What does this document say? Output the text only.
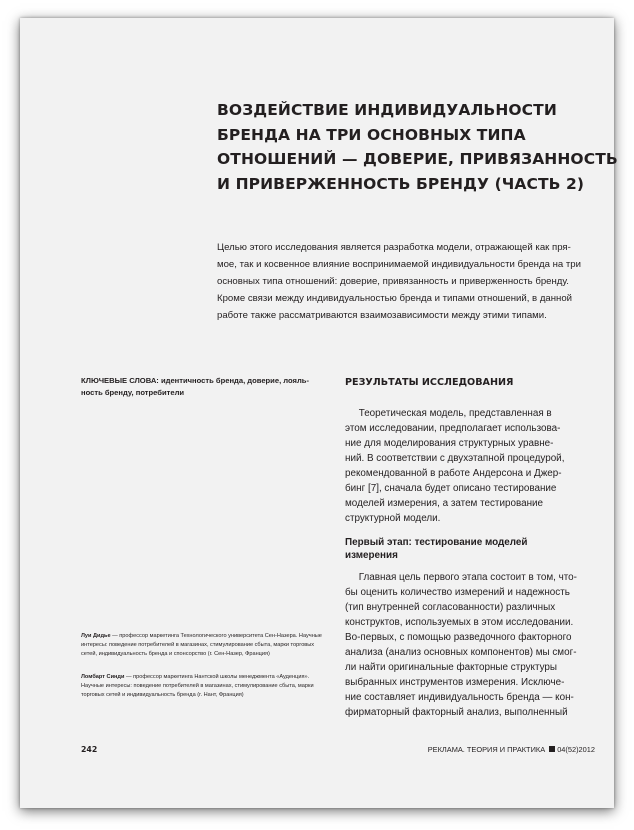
ВОЗДЕЙСТВИЕ ИНДИВИДУАЛЬНОСТИ
БРЕНДА НА ТРИ ОСНОВНЫХ ТИПА
ОТНОШЕНИЙ — ДОВЕРИЕ, ПРИВЯЗАННОСТЬ
И ПРИВЕРЖЕННОСТЬ БРЕНДУ (ЧАСТЬ 2)
Целью этого исследования является разработка модели, отражающей как пря-
мое, так и косвенное влияние воспринимаемой индивидуальности бренда на три
основных типа отношений: доверие, привязанность и приверженность бренду.
Кроме связи между индивидуальностью бренда и типами отношений, в данной
работе также рассматриваются взаимозависимости между этими типами.
КЛЮЧЕВЫЕ СЛОВА: идентичность бренда, доверие, лояль-
ность бренду, потребители
Луи Дидье — профессор маркетинга Технологического университета Сен-Назера. Научные
интересы: поведение потребителей в магазинах, стимулирование сбыта, марки торговых
сетей, индивидуальность бренда и спонсорство (г. Сен-Назер, Франция)
Ломбарт Синди — профессор маркетинга Нантской школы менеджмента «Ауденция».
Научные интересы: поведение потребителей в магазинах, стимулирование сбыта, марки
торговых сетей и индивидуальность бренда (г. Нант, Франция)
РЕЗУЛЬТАТЫ ИССЛЕДОВАНИЯ
Теоретическая модель, представленная в
этом исследовании, предполагает использова-
ние для моделирования структурных уравне-
ний. В соответствии с двухэтапной процедурой,
рекомендованной в работе Андерсона и Джер-
бинг [7], сначала будет описано тестирование
моделей измерения, а затем тестирование
структурной модели.
Первый этап: тестирование моделей
измерения
Главная цель первого этапа состоит в том, что-
бы оценить количество измерений и надежность
(тип внутренней согласованности) различных
конструктов, используемых в этом исследовании.
Во-первых, с помощью разведочного факторного
анализа (анализ основных компонентов) мы смог-
ли найти оригинальные факторные структуры
выбранных инструментов измерения. Исключе-
ние составляет индивидуальность бренда — кон-
фирматорный факторный анализ, выполненный
242	РЕКЛАМА. ТЕОРИЯ И ПРАКТИКА 04(52)2012
